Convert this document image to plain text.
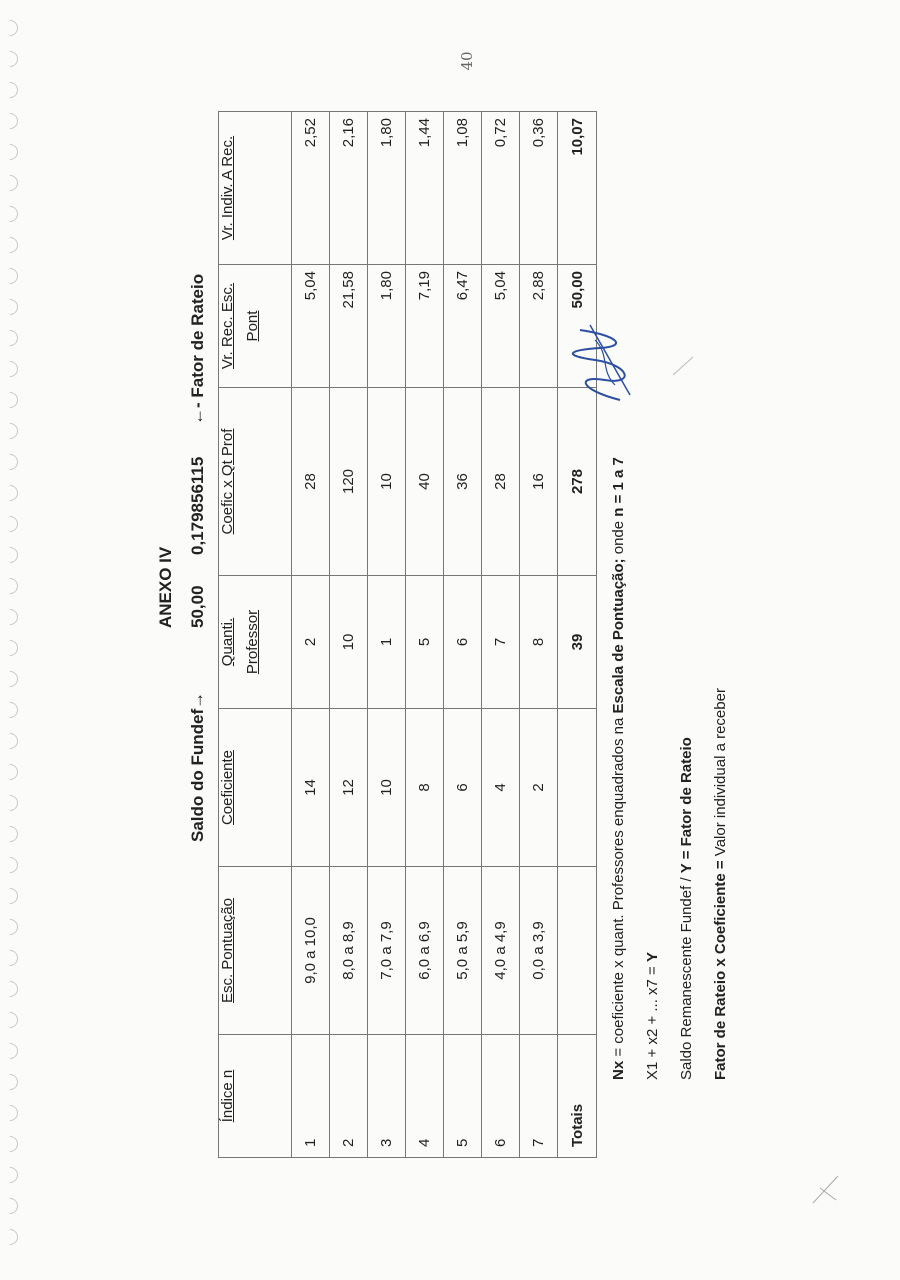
40
ANEXO IV
Saldo do Fundef→
50,00
0,179856115
←- Fator de Rateio
Índice n	Esc. Pontuação	Coeficiente	Quanti. Professor	Coefic x Qt Prof	Vr. Rec. Esc. Pont	Vr. Indiv. A Rec.
1	9,0 a 10,0	14	2	28	5,04	2,52
2	8,0 a 8,9	12	10	120	21,58	2,16
3	7,0 a 7,9	10	1	10	1,80	1,80
4	6,0 a 6,9	8	5	40	7,19	1,44
5	5,0 a 5,9	6	6	36	6,47	1,08
6	4,0 a 4,9	4	7	28	5,04	0,72
7	0,0 a 3,9	2	8	16	2,88	0,36
Totais			39	278	50,00	10,07
Nx = coeficiente x quant. Professores enquadrados na Escala de Pontuação; onde n = 1 a 7
X1 + x2 + ... x7 = Y	Saldo Remanescente Fundef / Y = Fator de Rateio
Fator de Rateio x Coeficiente = Valor individual a receber
